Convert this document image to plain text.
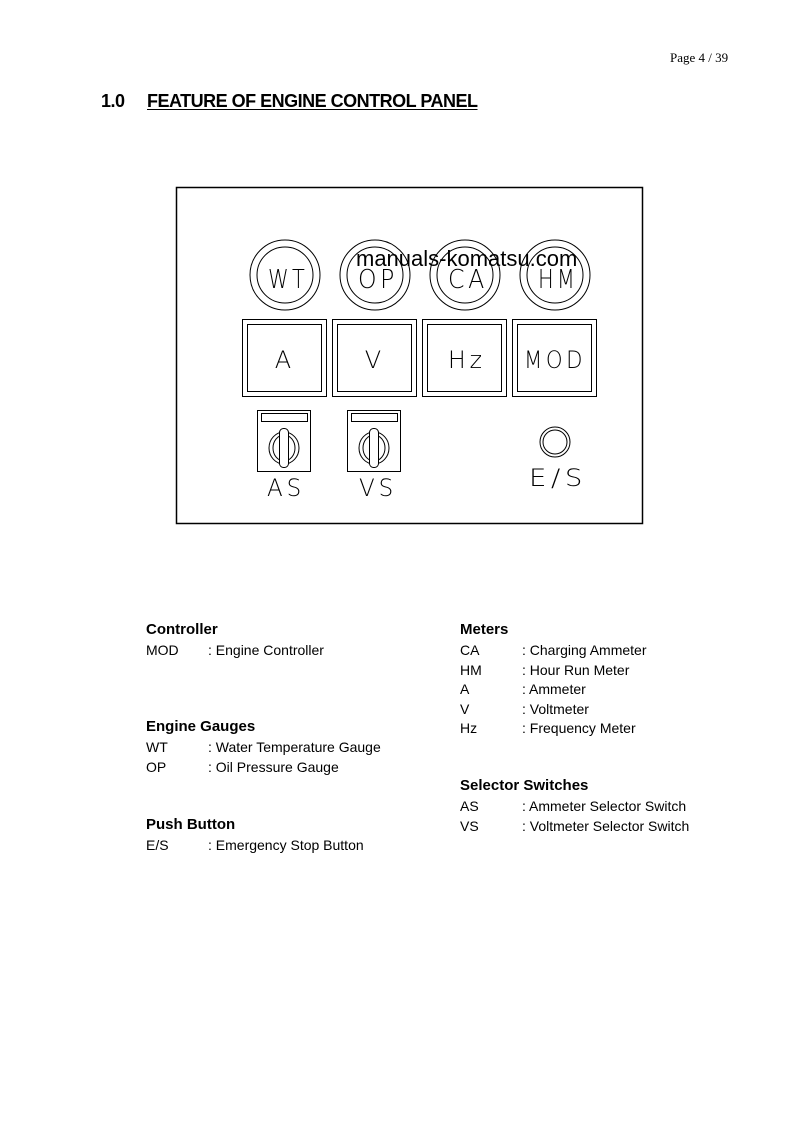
Page 4 / 39
1.0 FEATURE OF ENGINE CONTROL PANEL
WT OP CA HM
A	V	Hz MOD
AS VS	E/S
manuals-komatsu.com
Controller
MOD : Engine Controller
Engine Gauges
WT	: Water Temperature Gauge
OP	: Oil Pressure Gauge
Push Button
E/S	: Emergency Stop Button
Meters
CA	: Charging Ammeter
HM	: Hour Run Meter
A	: Ammeter
V	: Voltmeter
Hz	: Frequency Meter
Selector Switches
AS	: Ammeter Selector Switch
VS	: Voltmeter Selector Switch
